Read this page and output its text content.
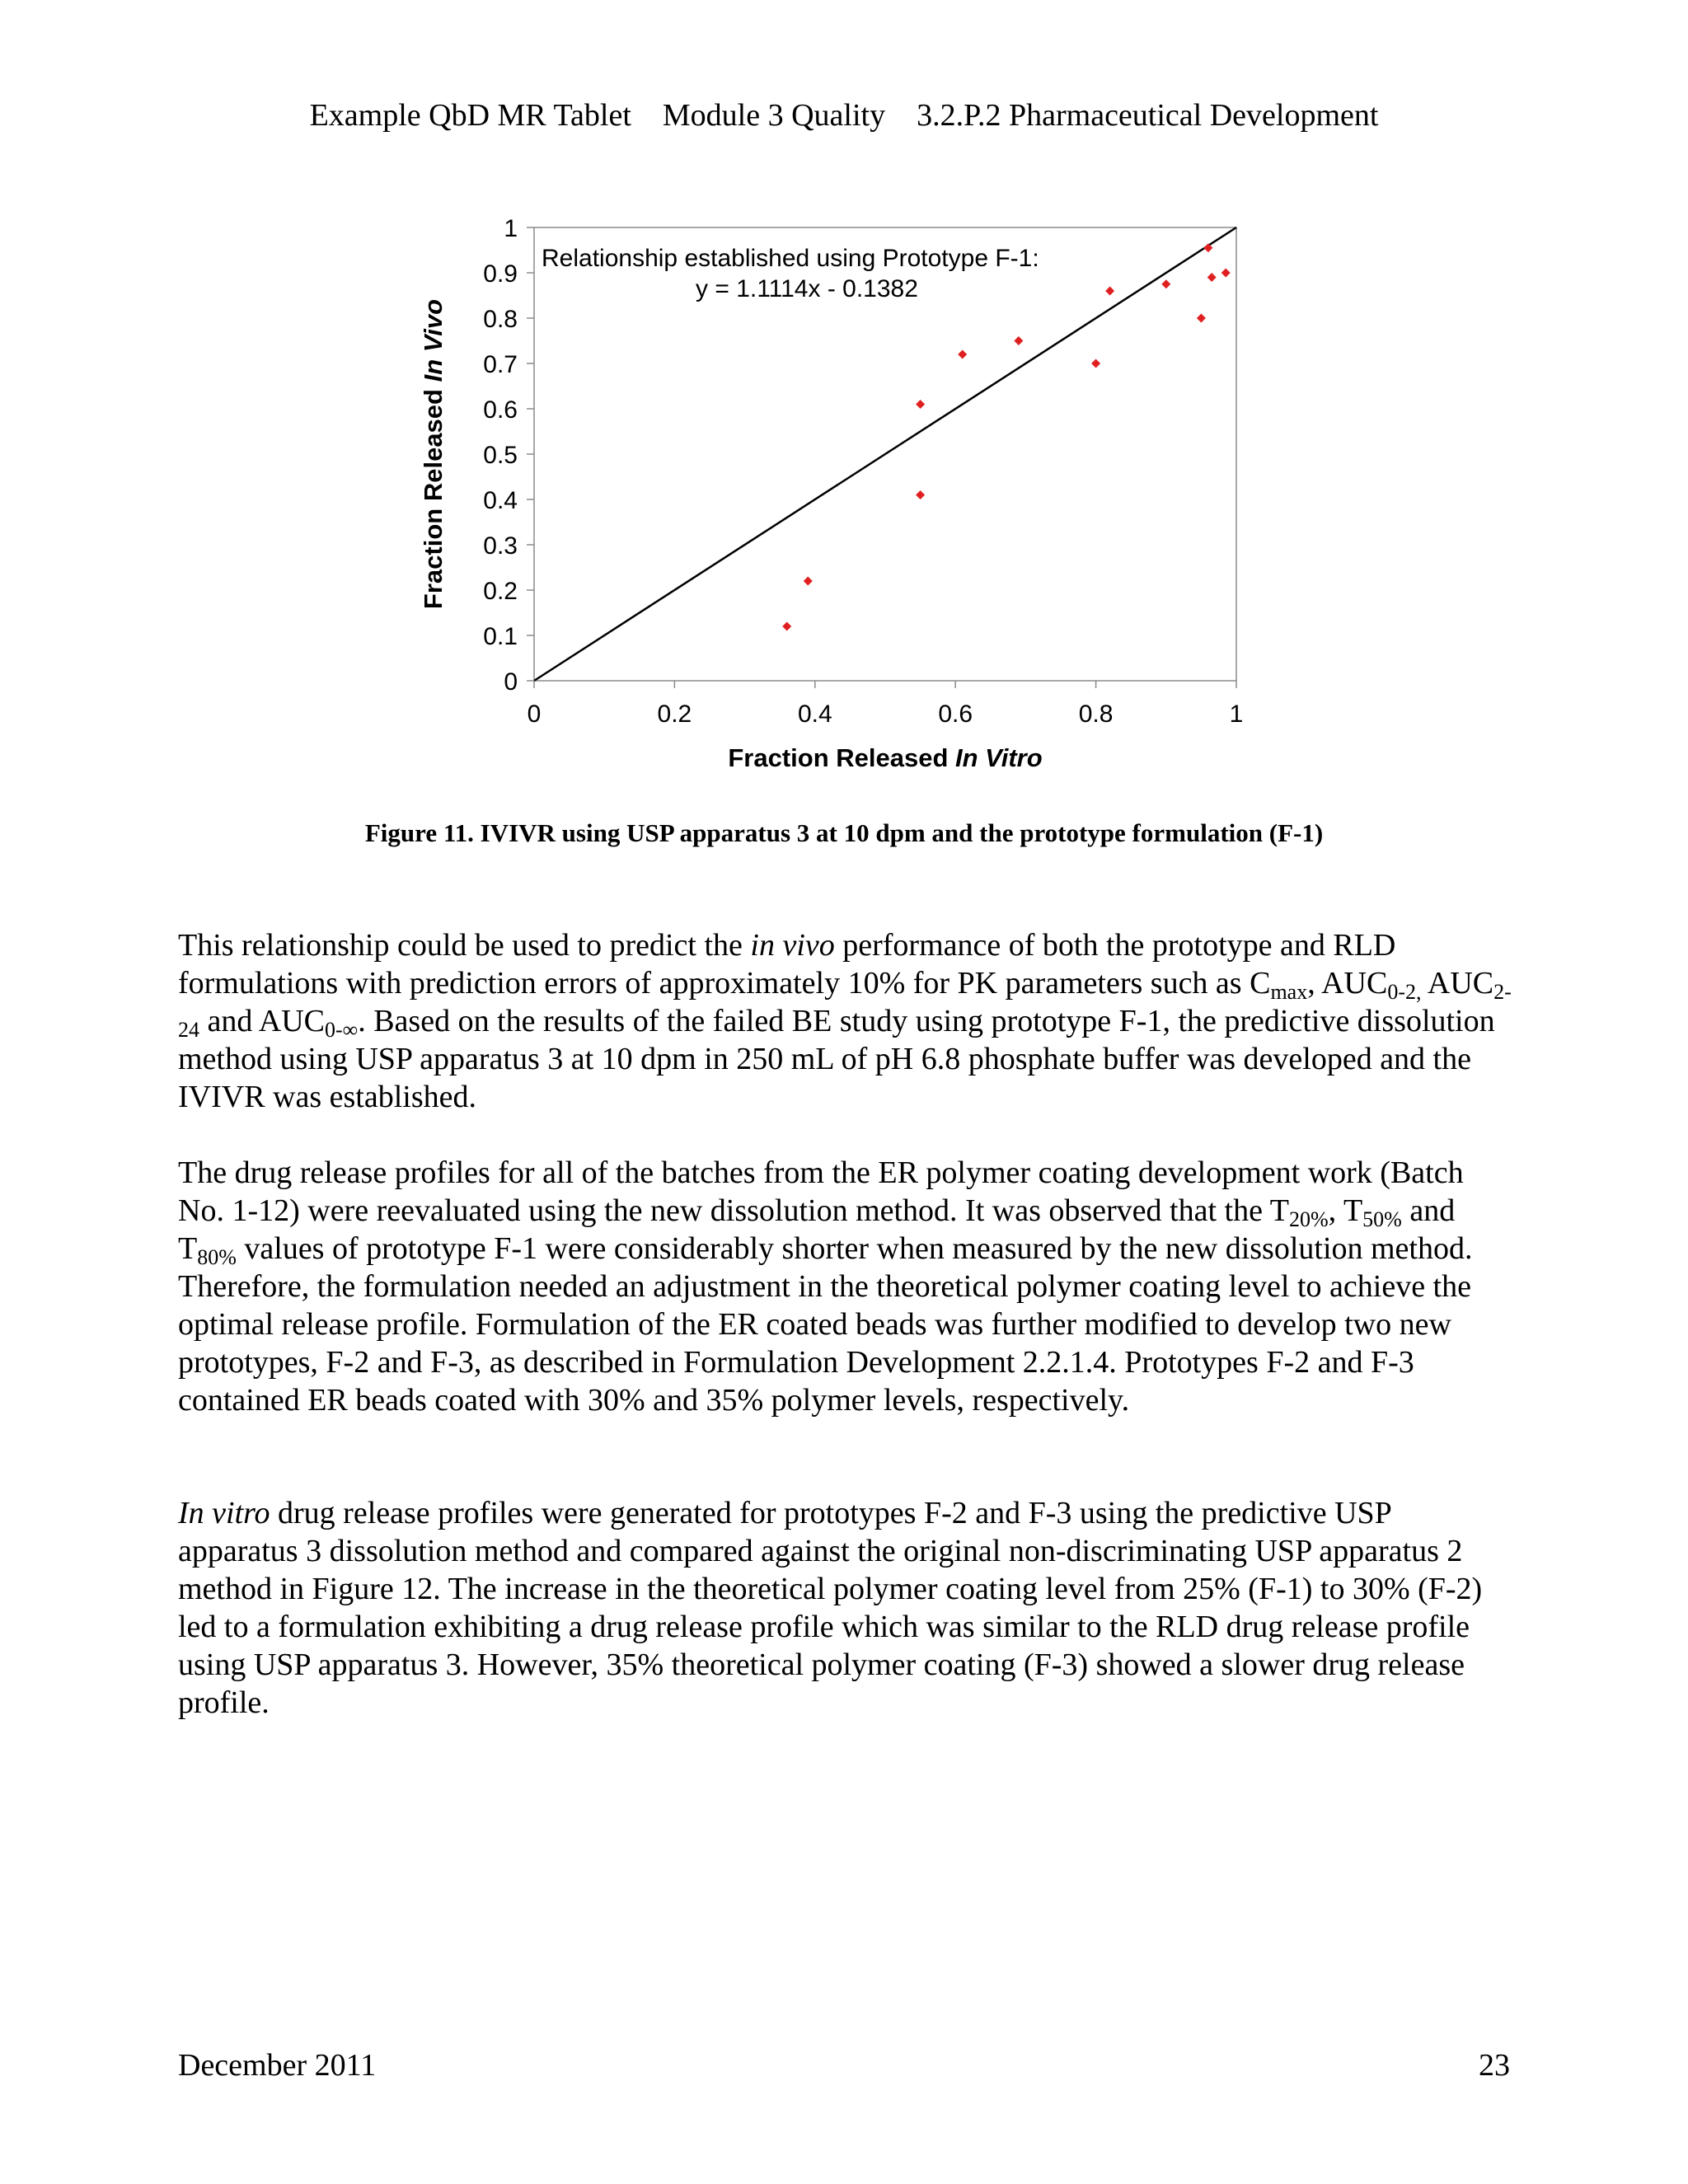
Example QbD MR Tablet    Module 3 Quality    3.2.P.2 Pharmaceutical Development
0	0.2	0.4	0.6	0.8	1
0
0.1
0.2
0.3
0.4
0.5
0.6
0.7
0.8
0.9
1
Relationship established using Prototype F-1:
y = 1.1114x - 0.1382
Fraction Released In Vitro
Fraction Released In Vivo
Figure 11. IVIVR using USP apparatus 3 at 10 dpm and the prototype formulation (F-1)
This relationship could be used to predict the in vivo performance of both the prototype and RLD formulations with prediction errors of approximately 10% for PK parameters such as $C_{max}$, $AUC_{0-2,}$ $AUC_{2-24}$ and $AUC_{0-\infty}$. Based on the results of the failed BE study using prototype F-1, the predictive dissolution method using USP apparatus 3 at 10 dpm in 250 mL of pH 6.8 phosphate buffer was developed and the IVIVR was established.
The drug release profiles for all of the batches from the ER polymer coating development work (Batch No. 1-12) were reevaluated using the new dissolution method. It was observed that the $T_{20\%}$, $T_{50\%}$ and $T_{80\%}$ values of prototype F-1 were considerably shorter when measured by the new dissolution method. Therefore, the formulation needed an adjustment in the theoretical polymer coating level to achieve the optimal release profile. Formulation of the ER coated beads was further modified to develop two new prototypes, F-2 and F-3, as described in Formulation Development 2.2.1.4. Prototypes F-2 and F-3 contained ER beads coated with 30% and 35% polymer levels, respectively.
In vitro drug release profiles were generated for prototypes F-2 and F-3 using the predictive USP apparatus 3 dissolution method and compared against the original non-discriminating USP apparatus 2 method in Figure 12. The increase in the theoretical polymer coating level from 25% (F-1) to 30% (F-2) led to a formulation exhibiting a drug release profile which was similar to the RLD drug release profile using USP apparatus 3. However, 35% theoretical polymer coating (F-3) showed a slower drug release profile.
December 2011	23
